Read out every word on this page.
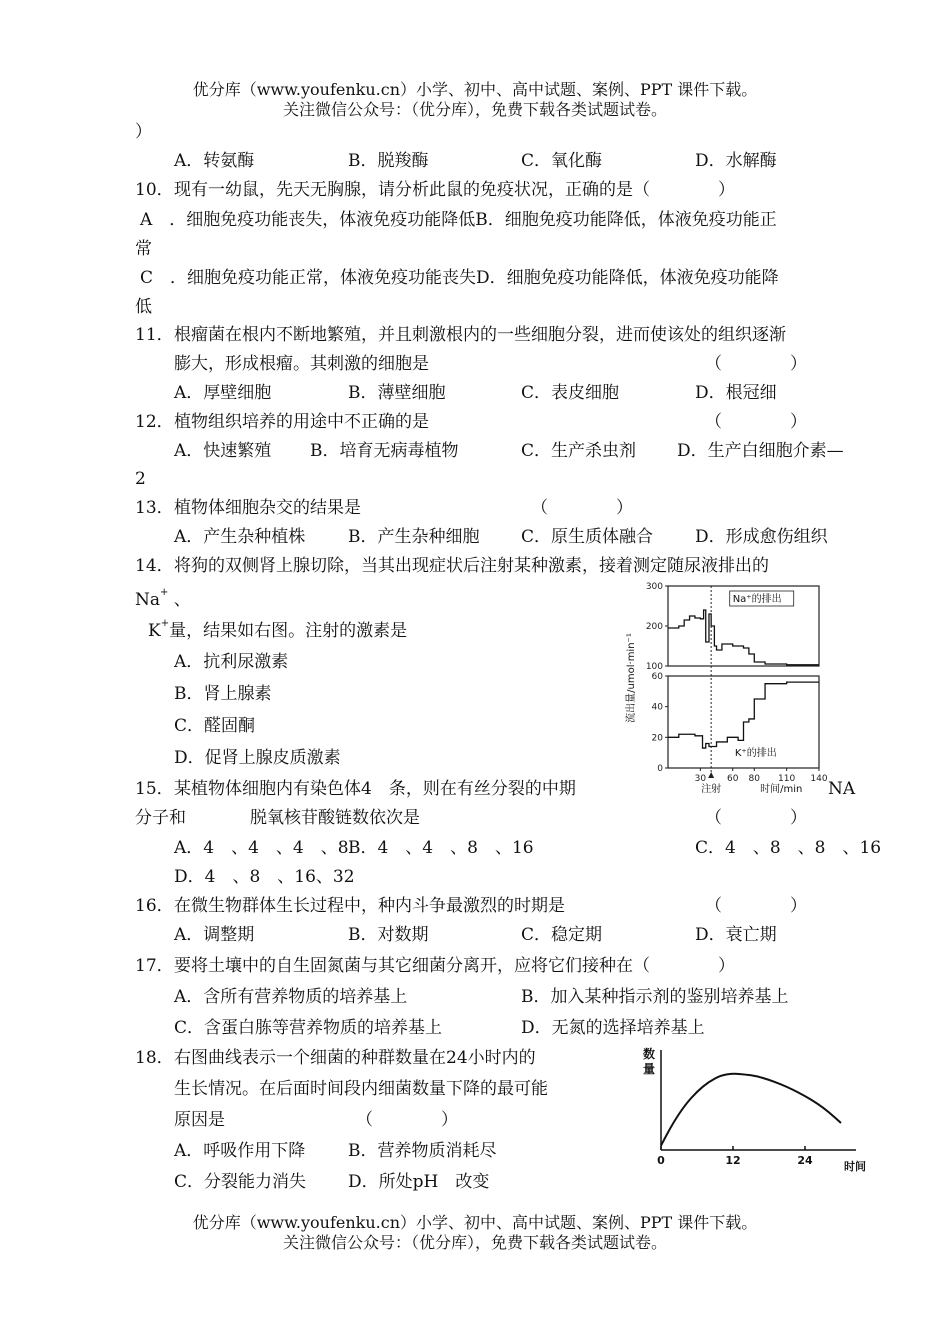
优分库（www.youfenku.cn）小学、初中、高中试题、案例、PPT 课件下载。
关注微信公众号：（优分库），免费下载各类试题试卷。
）
A．转氨酶	B．脱羧酶	C．氧化酶	D．水解酶
10． 现有一幼鼠，先天无胸腺，请分析此鼠的免疫状况，正确的是（　　　　）
A　．细胞免疫功能丧失，体液免疫功能降低B．细胞免疫功能降低，体液免疫功能正
常
C　．细胞免疫功能正常，体液免疫功能丧失D．细胞免疫功能降低，体液免疫功能降
低
11． 根瘤菌在根内不断地繁殖，并且刺激根内的一些细胞分裂，进而使该处的组织逐渐
膨大，形成根瘤。其刺激的细胞是	（　　　　）
A．厚壁细胞	B．薄壁细胞	C．表皮细胞	D．根冠细
12． 植物组织培养的用途中不正确的是	（　　　　）
A．快速繁殖 B．培育无病毒植物	C．生产杀虫剂 D．生产白细胞介素—
2
13． 植物体细胞杂交的结果是	（　　　　）
A．产生杂种植株	B．产生杂种细胞 C．原生质体融合 D．形成愈伤组织
14． 将狗的双侧肾上腺切除，当其出现症状后注射某种激素，接着测定随尿液排出的
Na+ 、
K+量，结果如右图。注射的激素是
A．抗利尿激素
B．肾上腺素
C．醛固酮
D．促肾上腺皮质激素
100
200
300
Na⁺的排出
0
20
40
60
K⁺的排出
30 60 80 110 140
注射	时间/min
流出量/umol·min⁻¹
15． 某植物体细胞内有染色体4　条，则在有丝分裂的中期	NA
分子和	脱氧核苷酸链数依次是	（　　　　）
A．4　、4　、4　、8 B．4　、4　、8　、16	C．4　、8　、8　、16
D．4　、8　、16、32
16． 在微生物群体生长过程中，种内斗争最激烈的时期是	（　　　　）
A．调整期	B．对数期	C．稳定期	D．衰亡期
17． 要将土壤中的自生固氮菌与其它细菌分离开，应将它们接种在（　　　　）
A．含所有营养物质的培养基上	B．加入某种指示剂的鉴别培养基上
C．含蛋白胨等营养物质的培养基上	D．无氮的选择培养基上
18． 右图曲线表示一个细菌的种群数量在24小时内的
生长情况。在后面时间段内细菌数量下降的最可能
原因是	（　　　　）
A．呼吸作用下降	B．营养物质消耗尽
C．分裂能力消失 D．所处pH　改变
0	12	24	时间
数
量
优分库（www.youfenku.cn）小学、初中、高中试题、案例、PPT 课件下载。
关注微信公众号：（优分库），免费下载各类试题试卷。
